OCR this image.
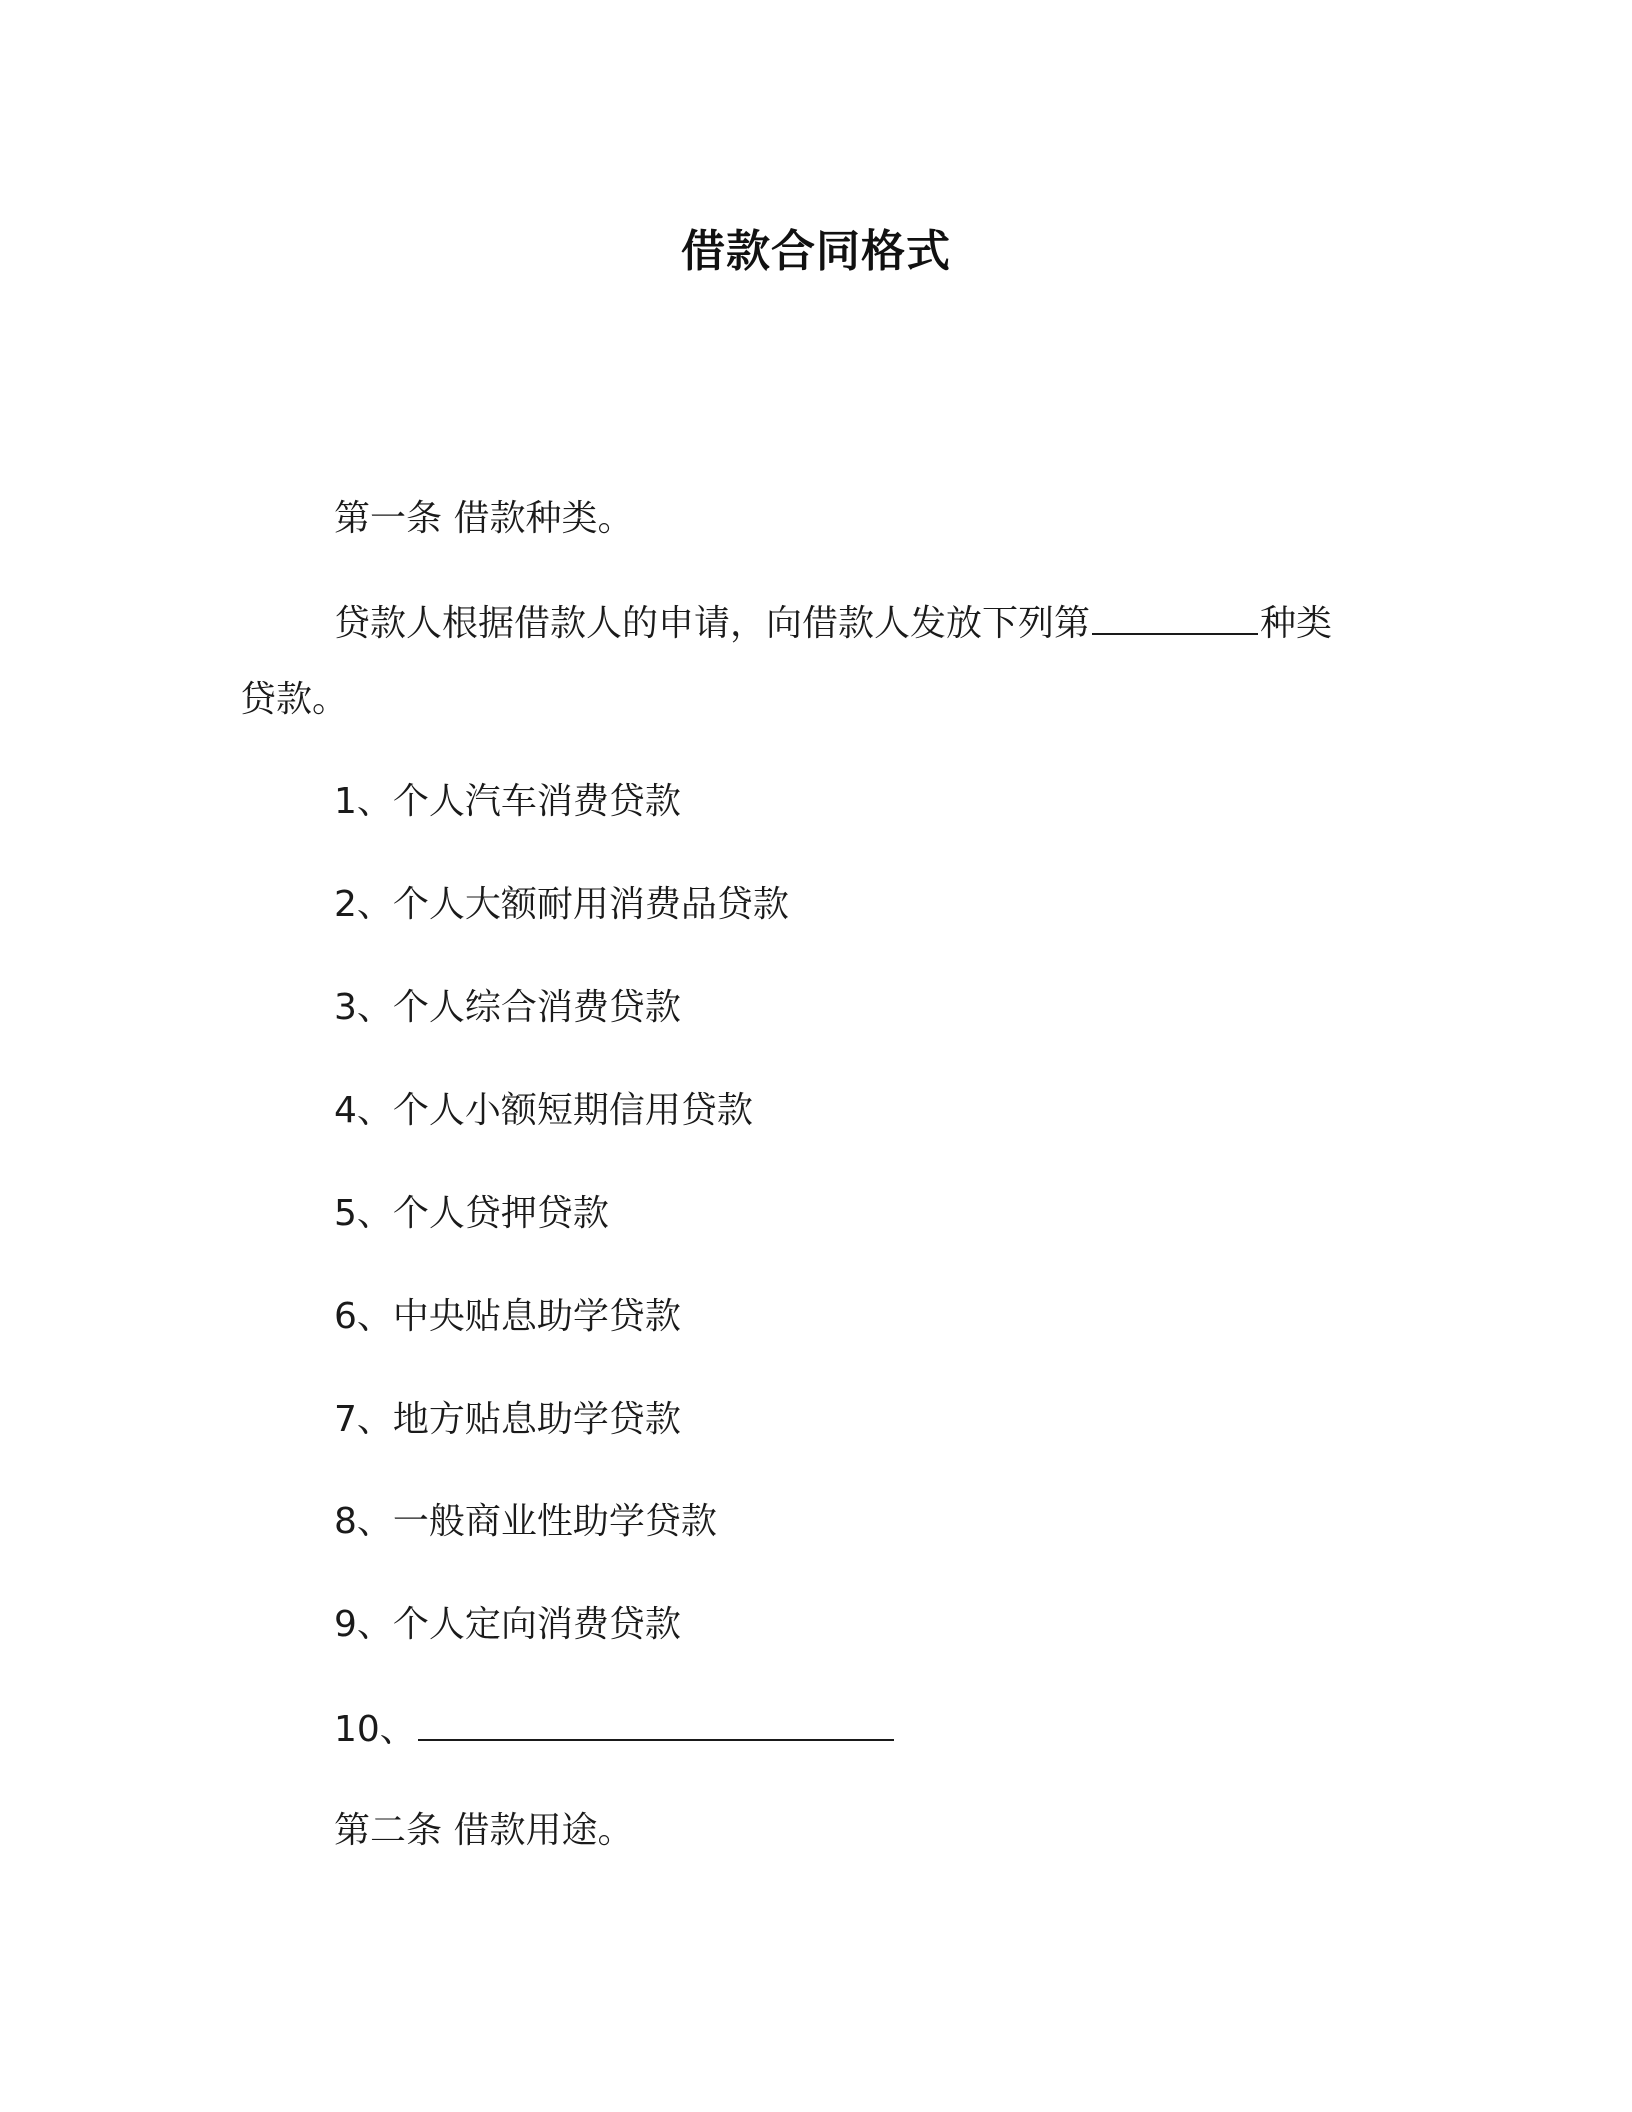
借款合同格式
第一条 借款种类。
贷款人根据借款人的申请，向借款人发放下列第	种类
贷款。
1、个人汽车消费贷款
2、个人大额耐用消费品贷款
3、个人综合消费贷款
4、个人小额短期信用贷款
5、个人贷押贷款
6、中央贴息助学贷款
7、地方贴息助学贷款
8、一般商业性助学贷款
9、个人定向消费贷款
10、
第二条 借款用途。
